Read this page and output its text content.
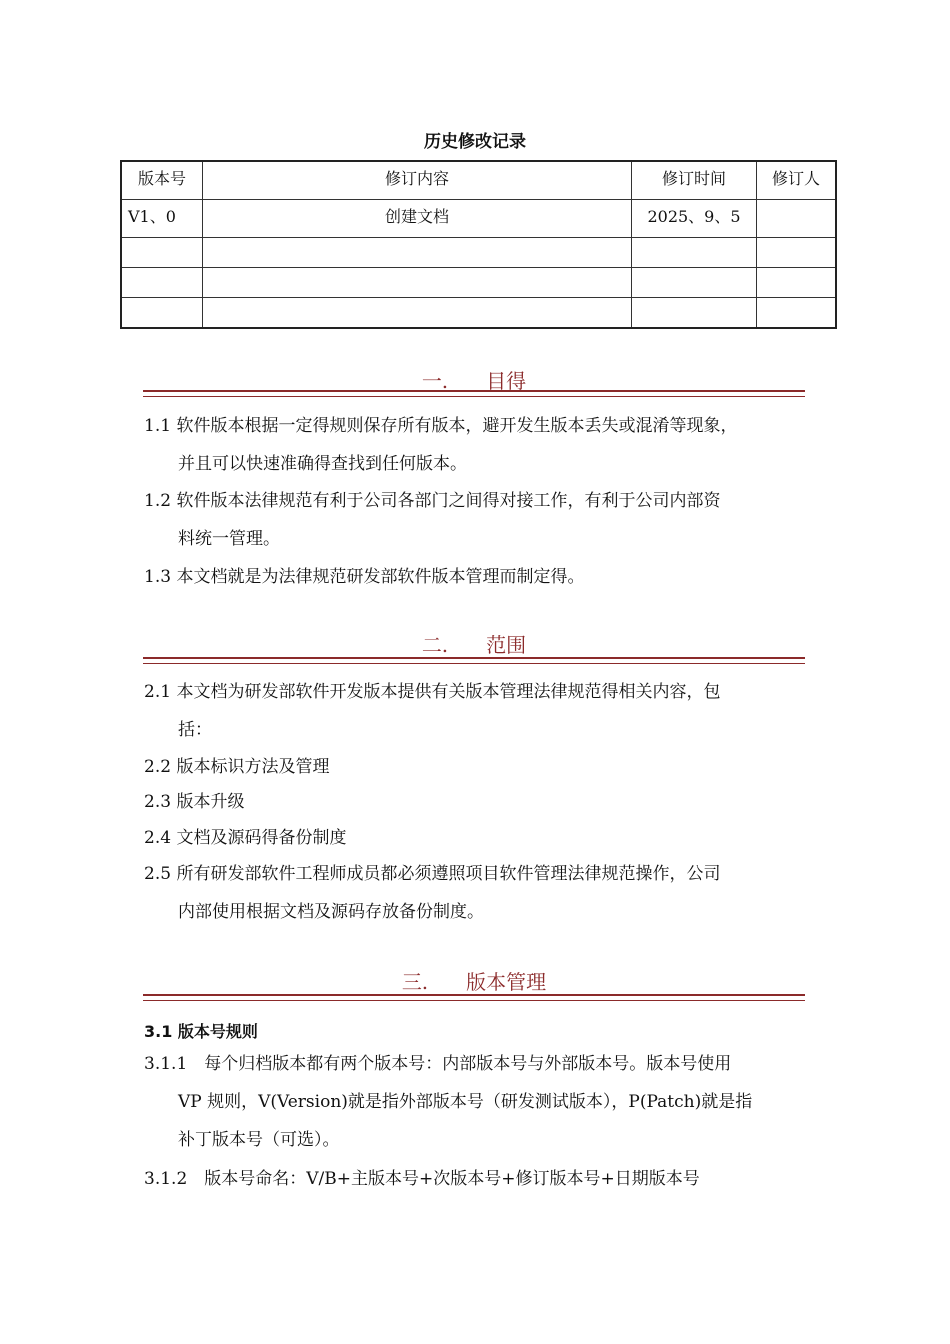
历史修改记录
版本号	修订内容	修订时间	修订人
V1、0	创建文档	2025、9、5	

一. 目得
1.1 软件版本根据一定得规则保存所有版本，避开发生版本丢失或混淆等现象，
并且可以快速准确得查找到任何版本。
1.2 软件版本法律规范有利于公司各部门之间得对接工作，有利于公司内部资
料统一管理。
1.3 本文档就是为法律规范研发部软件版本管理而制定得。
二. 范围
2.1 本文档为研发部软件开发版本提供有关版本管理法律规范得相关内容，包
括：
2.2 版本标识方法及管理
2.3 版本升级
2.4 文档及源码得备份制度
2.5 所有研发部软件工程师成员都必须遵照项目软件管理法律规范操作，公司
内部使用根据文档及源码存放备份制度。
三. 版本管理
3.1 版本号规则
3.1.1　每个归档版本都有两个版本号：内部版本号与外部版本号。版本号使用
VP 规则，V(Version)就是指外部版本号（研发测试版本），P(Patch)就是指
补丁版本号（可选）。
3.1.2　版本号命名：V/B+主版本号+次版本号+修订版本号+日期版本号
